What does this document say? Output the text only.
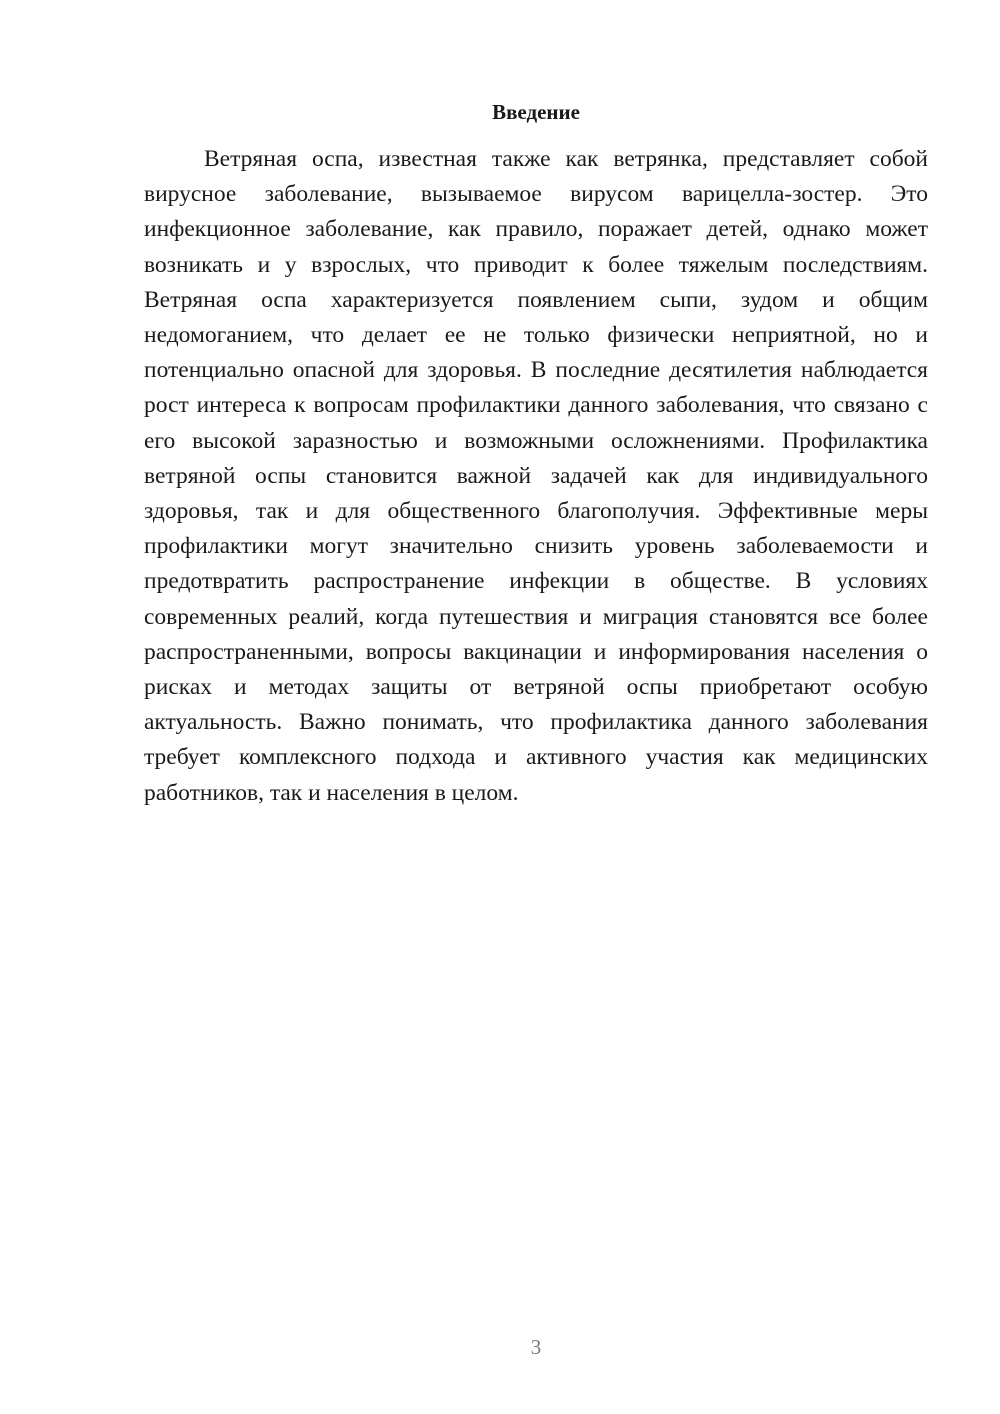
Введение

Ветряная оспа, известная также как ветрянка, представляет собой вирусное заболевание, вызываемое вирусом варицелла-зостер. Это инфекционное заболевание, как правило, поражает детей, однако может возникать и у взрослых, что приводит к более тяжелым последствиям. Ветряная оспа характеризуется появлением сыпи, зудом и общим недомоганием, что делает ее не только физически неприятной, но и потенциально опасной для здоровья. В последние десятилетия наблюдается рост интереса к вопросам профилактики данного заболевания, что связано с его высокой заразностью и возможными осложнениями. Профилактика ветряной оспы становится важной задачей как для индивидуального здоровья, так и для общественного благополучия. Эффективные меры профилактики могут значительно снизить уровень заболеваемости и предотвратить распространение инфекции в обществе. В условиях современных реалий, когда путешествия и миграция становятся все более распространенными, вопросы вакцинации и информирования населения о рисках и методах защиты от ветряной оспы приобретают особую актуальность. Важно понимать, что профилактика данного заболевания требует комплексного подхода и активного участия как медицинских работников, так и населения в целом.

3
